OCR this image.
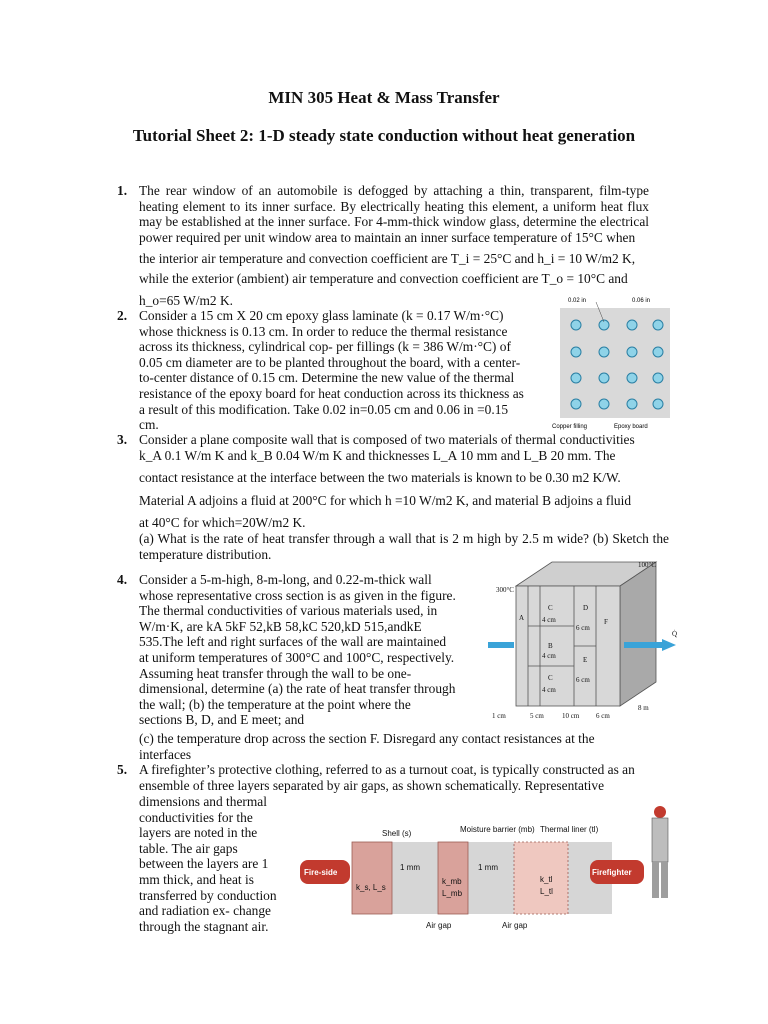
MIN 305 Heat & Mass Transfer
Tutorial Sheet 2: 1-D steady state conduction without heat generation
1. The rear window of an automobile is defogged by attaching a thin, transparent, film-type heating element to its inner surface. By electrically heating this element, a uniform heat flux may be established at the inner surface. For 4-mm-thick window glass, determine the electrical power required per unit window area to maintain an inner surface temperature of 15°C when

the interior air temperature and convection coefficient are T_i = 25°C and h_i = 10 W/m2 K,

while the exterior (ambient) air temperature and convection coefficient are T_o = 10°C and

h_o=65 W/m2 K.

2. Consider a 15 cm X 20 cm epoxy glass laminate (k = 0.17 W/m·°C) whose thickness is 0.13 cm. In order to reduce the thermal resistance across its thickness, cylindrical cop- per fillings (k = 386 W/m·°C) of 0.05 cm diameter are to be planted throughout the board, with a center-to-center distance of 0.15 cm. Determine the new value of the thermal resistance of the epoxy board for heat conduction across its thickness as a result of this modification. Take 0.02 in=0.05 cm and 0.06 in =0.15 cm.
0.02 in	0.06 in
Copper filling	Epoxy board
3. Consider a plane composite wall that is composed of two materials of thermal conductivities

k_A 0.1 W/m K and k_B 0.04 W/m K and thicknesses L_A 10 mm and L_B 20 mm. The

contact resistance at the interface between the two materials is known to be 0.30 m2 K/W.

Material A adjoins a fluid at 200°C for which h =10 W/m2 K, and material B adjoins a fluid

at 40°C for which=20W/m2 K.

(a) What is the rate of heat transfer through a wall that is 2 m high by 2.5 m wide? (b) Sketch the temperature distribution.

4. Consider a 5-m-high, 8-m-long, and 0.22-m-thick wall whose representative cross section is as given in the figure. The thermal conductivities of various materials used, in W/m·K, are kA 5kF 52,kB 58,kC 520,kD 515,andkE 535.The left and right surfaces of the wall are maintained at uniform temperatures of 300°C and 100°C, respectively. Assuming heat transfer through the wall to be one-dimensional, determine (a) the rate of heat transfer through the wall; (b) the temperature at the point where the sections B, D, and E meet; and
(c) the temperature drop across the section F. Disregard any contact resistances at the interfaces
300°C
100°C
Q̇
A
B
C
C
D
E
F
4 cm
4 cm
4 cm
6 cm
6 cm
1 cm	5 cm	10 cm 6 cm
8 m
5. A firefighter’s protective clothing, referred to as a turnout coat, is typically constructed as an ensemble of three layers separated by air gaps, as shown schematically. Representative
dimensions and thermal conductivities for the layers are noted in the table. The air gaps between the layers are 1 mm thick, and heat is transferred by conduction and radiation ex- change through the stagnant air.
Fire-side	Firefighter
Shell (s)	Moisture barrier (mb) Thermal liner (tl)
1 mm	1 mm
Air gap	Air gap
k_s, L_s
k_mb
L_mb
k_tl
L_tl
